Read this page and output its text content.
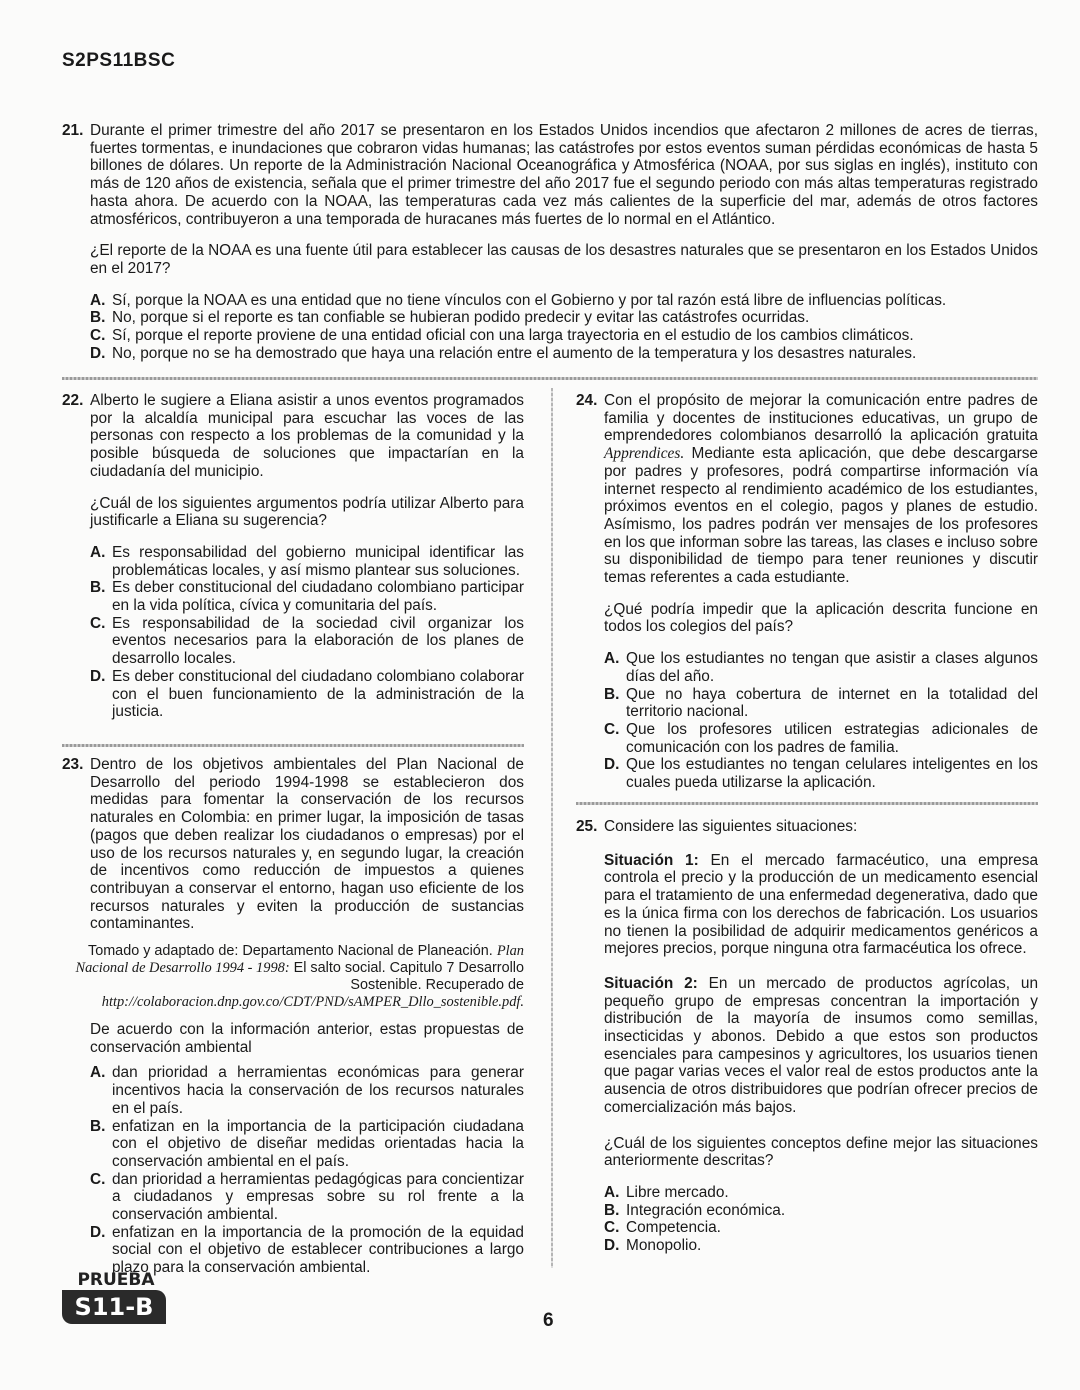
S2PS11BSC
21. Durante el primer trimestre del año 2017 se presentaron en los Estados Unidos incendios que afectaron 2 millones de acres de tierras, fuertes tormentas, e inundaciones que cobraron vidas humanas; las catástrofes por estos eventos suman pérdidas económicas de hasta 5 billones de dólares. Un reporte de la Administración Nacional Oceanográfica y Atmosférica (NOAA, por sus siglas en inglés), instituto con más de 120 años de existencia, señala que el primer trimestre del año 2017 fue el segundo periodo con más altas temperaturas registrado hasta ahora. De acuerdo con la NOAA, las temperaturas cada vez más calientes de la superficie del mar, además de otros factores atmosféricos, contribuyeron a una temporada de huracanes más fuertes de lo normal en el Atlántico.

¿El reporte de la NOAA es una fuente útil para establecer las causas de los desastres naturales que se presentaron en los Estados Unidos en el 2017?

A. Sí, porque la NOAA es una entidad que no tiene vínculos con el Gobierno y por tal razón está libre de influencias políticas.
B. No, porque si el reporte es tan confiable se hubieran podido predecir y evitar las catástrofes ocurridas.
C. Sí, porque el reporte proviene de una entidad oficial con una larga trayectoria en el estudio de los cambios climáticos.
D. No, porque no se ha demostrado que haya una relación entre el aumento de la temperatura y los desastres naturales.
22. Alberto le sugiere a Eliana asistir a unos eventos programados por la alcaldía municipal para escuchar las voces de las personas con respecto a los problemas de la comunidad y la posible búsqueda de soluciones que impactarían en la ciudadanía del municipio.

¿Cuál de los siguientes argumentos podría utilizar Alberto para justificarle a Eliana su sugerencia?

A. Es responsabilidad del gobierno municipal identificar las problemáticas locales, y así mismo plantear sus soluciones.
B. Es deber constitucional del ciudadano colombiano participar en la vida política, cívica y comunitaria del país.
C. Es responsabilidad de la sociedad civil organizar los eventos necesarios para la elaboración de los planes de desarrollo locales.
D. Es deber constitucional del ciudadano colombiano colaborar con el buen funcionamiento de la administración de la justicia.
23. Dentro de los objetivos ambientales del Plan Nacional de Desarrollo del periodo 1994-1998 se establecieron dos medidas para fomentar la conservación de los recursos naturales en Colombia: en primer lugar, la imposición de tasas (pagos que deben realizar los ciudadanos o empresas) por el uso de los recursos naturales y, en segundo lugar, la creación de incentivos como reducción de impuestos a quienes contribuyan a conservar el entorno, hagan uso eficiente de los recursos naturales y eviten la producción de sustancias contaminantes.

Tomado y adaptado de: Departamento Nacional de Planeación. Plan Nacional de Desarrollo 1994 - 1998: El salto social. Capitulo 7 Desarrollo Sostenible. Recuperado de http://colaboracion.dnp.gov.co/CDT/PND/sAMPER_Dllo_sostenible.pdf.

De acuerdo con la información anterior, estas propuestas de conservación ambiental

A. dan prioridad a herramientas económicas para generar incentivos hacia la conservación de los recursos naturales en el país.
B. enfatizan en la importancia de la participación ciudadana con el objetivo de diseñar medidas orientadas hacia la conservación ambiental en el país.
C. dan prioridad a herramientas pedagógicas para concientizar a ciudadanos y empresas sobre su rol frente a la conservación ambiental.
D. enfatizan en la importancia de la promoción de la equidad social con el objetivo de establecer contribuciones a largo plazo para la conservación ambiental.
24. Con el propósito de mejorar la comunicación entre padres de familia y docentes de instituciones educativas, un grupo de emprendedores colombianos desarrolló la aplicación gratuita Apprendices. Mediante esta aplicación, que debe descargarse por padres y profesores, podrá compartirse información vía internet respecto al rendimiento académico de los estudiantes, próximos eventos en el colegio, pagos y planes de estudio. Asímismo, los padres podrán ver mensajes de los profesores en los que informan sobre las tareas, las clases e incluso sobre su disponibilidad de tiempo para tener reuniones y discutir temas referentes a cada estudiante.

¿Qué podría impedir que la aplicación descrita funcione en todos los colegios del país?

A. Que los estudiantes no tengan que asistir a clases algunos días del año.
B. Que no haya cobertura de internet en la totalidad del territorio nacional.
C. Que los profesores utilicen estrategias adicionales de comunicación con los padres de familia.
D. Que los estudiantes no tengan celulares inteligentes en los cuales pueda utilizarse la aplicación.
25. Considere las siguientes situaciones:

Situación 1: En el mercado farmacéutico, una empresa controla el precio y la producción de un medicamento esencial para el tratamiento de una enfermedad degenerativa, dado que es la única firma con los derechos de fabricación. Los usuarios no tienen la posibilidad de adquirir medicamentos genéricos a mejores precios, porque ninguna otra farmacéutica los ofrece.

Situación 2: En un mercado de productos agrícolas, un pequeño grupo de empresas concentran la importación y distribución de la mayoría de insumos como semillas, insecticidas y abonos. Debido a que estos son productos esenciales para campesinos y agricultores, los usuarios tienen que pagar varias veces el valor real de estos productos ante la ausencia de otros distribuidores que podrían ofrecer precios de comercialización más bajos.

¿Cuál de los siguientes conceptos define mejor las situaciones anteriormente descritas?

A. Libre mercado.
B. Integración económica.
C. Competencia.
D. Monopolio.
PRUEBA
S11-B	6
